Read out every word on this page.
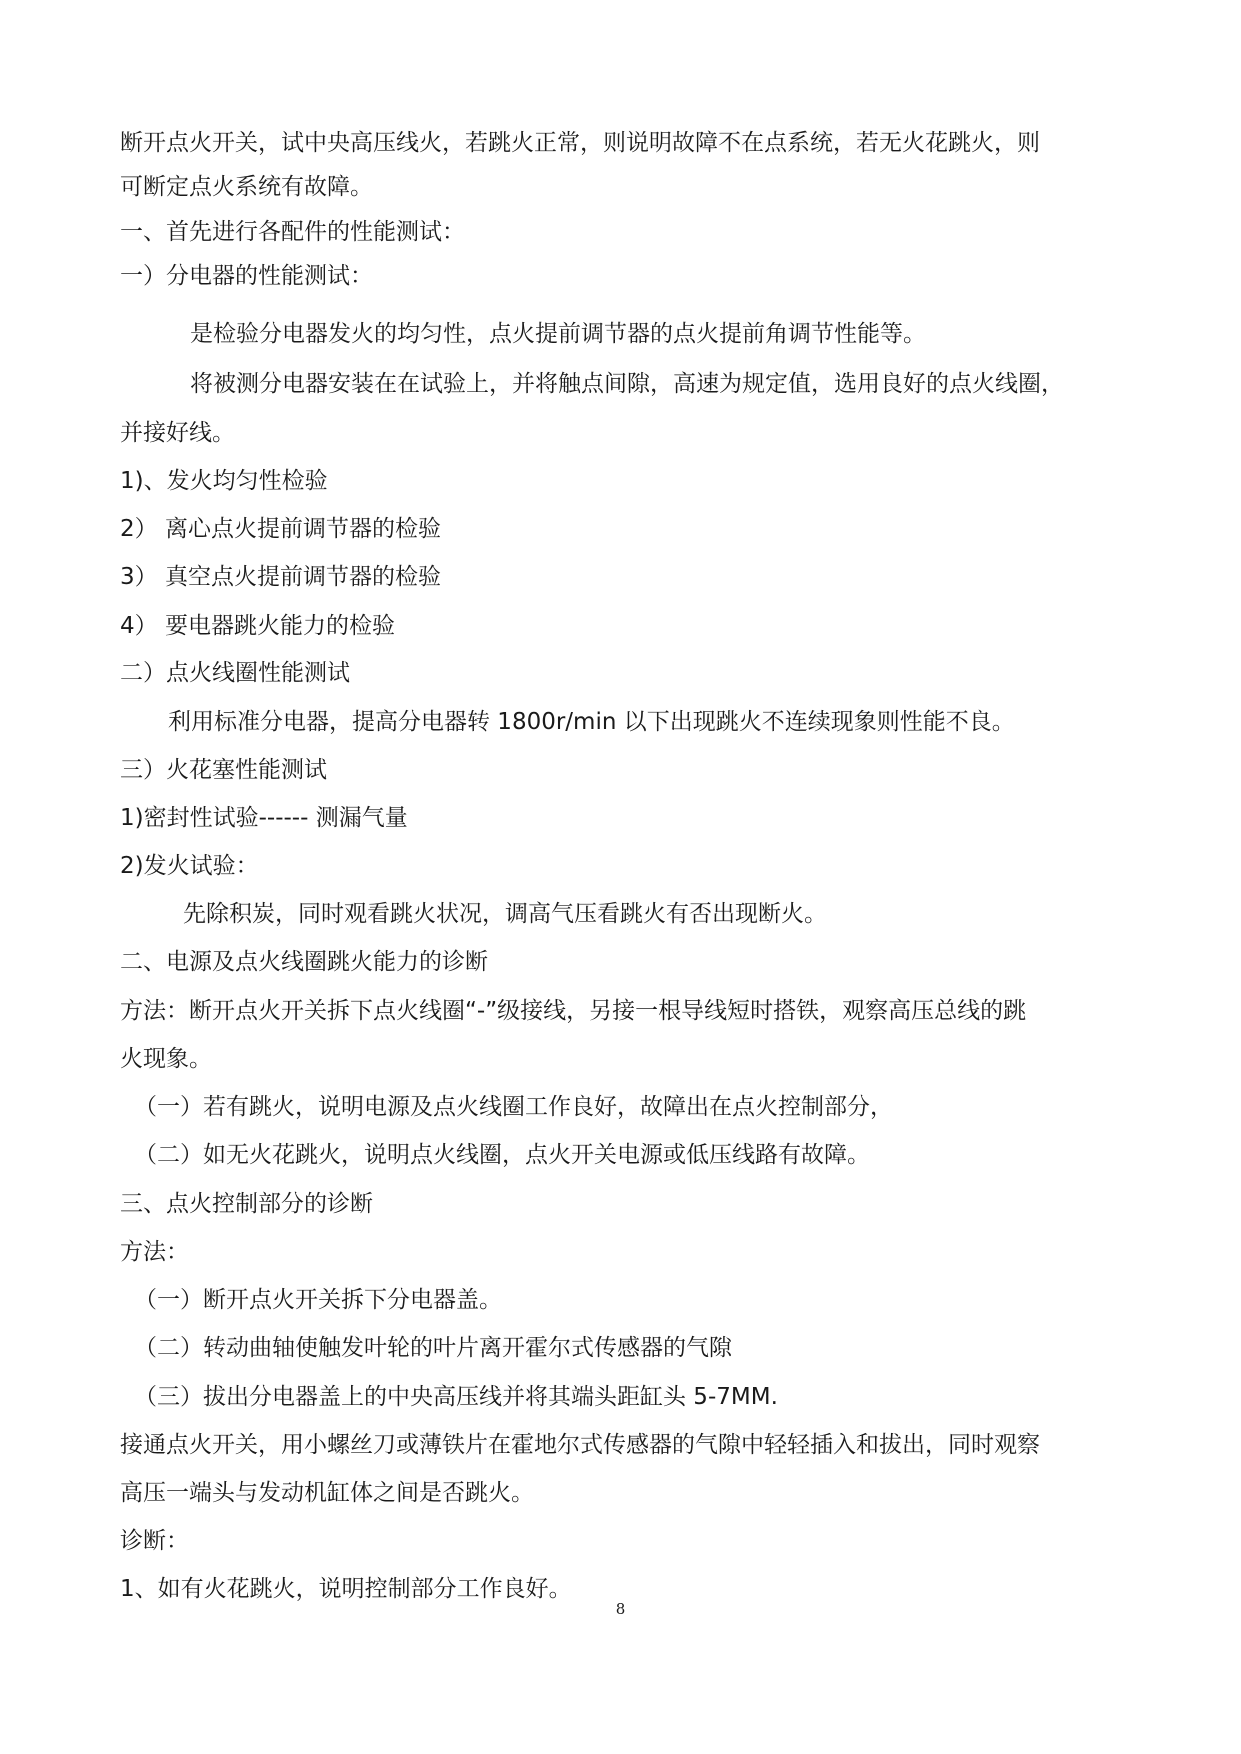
断开点火开关，试中央高压线火，若跳火正常，则说明故障不在点系统，若无火花跳火，则
可断定点火系统有故障。
一、首先进行各配件的性能测试：
一）分电器的性能测试：
是检验分电器发火的均匀性，点火提前调节器的点火提前角调节性能等。
将被测分电器安装在在试验上，并将触点间隙，高速为规定值，选用良好的点火线圈，
并接好线。
1)、发火均匀性检验
2） 离心点火提前调节器的检验
3） 真空点火提前调节器的检验
4） 要电器跳火能力的检验
二）点火线圈性能测试
利用标准分电器，提高分电器转 1800r/min 以下出现跳火不连续现象则性能不良。
三）火花塞性能测试
1)密封性试验------ 测漏气量
2)发火试验：
先除积炭，同时观看跳火状况，调高气压看跳火有否出现断火。
二、电源及点火线圈跳火能力的诊断
方法：断开点火开关拆下点火线圈“-”级接线，另接一根导线短时搭铁，观察高压总线的跳
火现象。
（一）若有跳火，说明电源及点火线圈工作良好，故障出在点火控制部分，
（二）如无火花跳火，说明点火线圈，点火开关电源或低压线路有故障。
三、点火控制部分的诊断
方法：
（一）断开点火开关拆下分电器盖。
（二）转动曲轴使触发叶轮的叶片离开霍尔式传感器的气隙
（三）拔出分电器盖上的中央高压线并将其端头距缸头 5-7MM.
接通点火开关，用小螺丝刀或薄铁片在霍地尔式传感器的气隙中轻轻插入和拔出，同时观察
高压一端头与发动机缸体之间是否跳火。
诊断：
1、如有火花跳火，说明控制部分工作良好。
8
